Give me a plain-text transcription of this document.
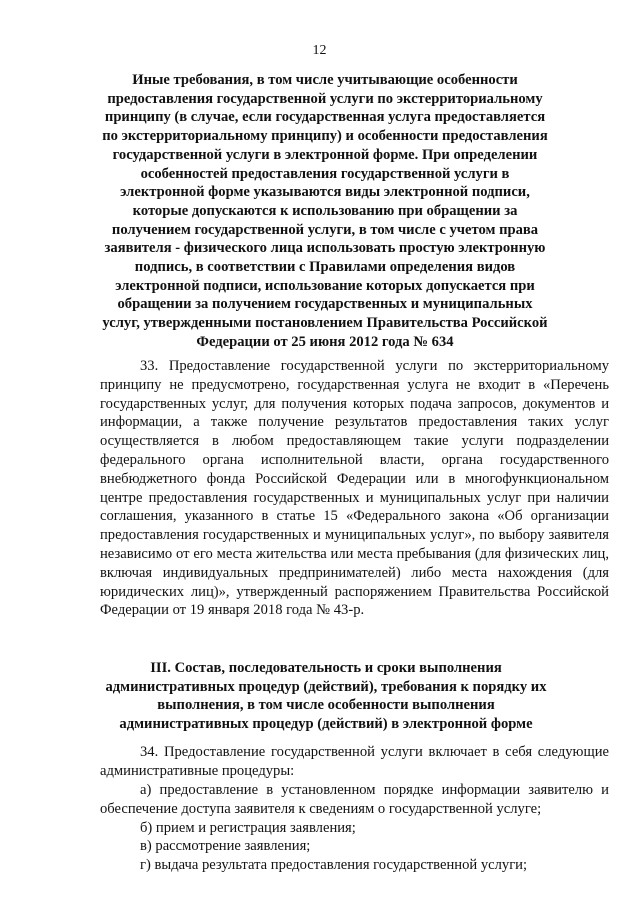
12
Иные требования, в том числе учитывающие особенности предоставления государственной услуги по экстерриториальному принципу (в случае, если государственная услуга предоставляется по экстерриториальному принципу) и особенности предоставления государственной услуги в электронной форме. При определении особенностей предоставления государственной услуги в электронной форме указываются виды электронной подписи, которые допускаются к использованию при обращении за получением государственной услуги, в том числе с учетом права заявителя - физического лица использовать простую электронную подпись, в соответствии с Правилами определения видов электронной подписи, использование которых допускается при обращении за получением государственных и муниципальных услуг, утвержденными постановлением Правительства Российской Федерации от 25 июня 2012 года № 634

33. Предоставление государственной услуги по экстерриториальному принципу не предусмотрено, государственная услуга не входит в «Перечень государственных услуг, для получения которых подача запросов, документов и информации, а также получение результатов предоставления таких услуг осуществляется в любом предоставляющем такие услуги подразделении федерального органа исполнительной власти, органа государственного внебюджетного фонда Российской Федерации или в многофункциональном центре предоставления государственных и муниципальных услуг при наличии соглашения, указанного в статье 15 «Федерального закона «Об организации предоставления государственных и муниципальных услуг», по выбору заявителя независимо от его места жительства или места пребывания (для физических лиц, включая индивидуальных предпринимателей) либо места нахождения (для юридических лиц)», утвержденный распоряжением Правительства Российской Федерации от 19 января 2018 года № 43-р.

III. Состав, последовательность и сроки выполнения административных процедур (действий), требования к порядку их выполнения, в том числе особенности выполнения административных процедур (действий) в электронной форме

34. Предоставление государственной услуги включает в себя следующие административные процедуры:

а) предоставление в установленном порядке информации заявителю и обеспечение доступа заявителя к сведениям о государственной услуге;

б) прием и регистрация заявления;

в) рассмотрение заявления;

г) выдача результата предоставления государственной услуги;
